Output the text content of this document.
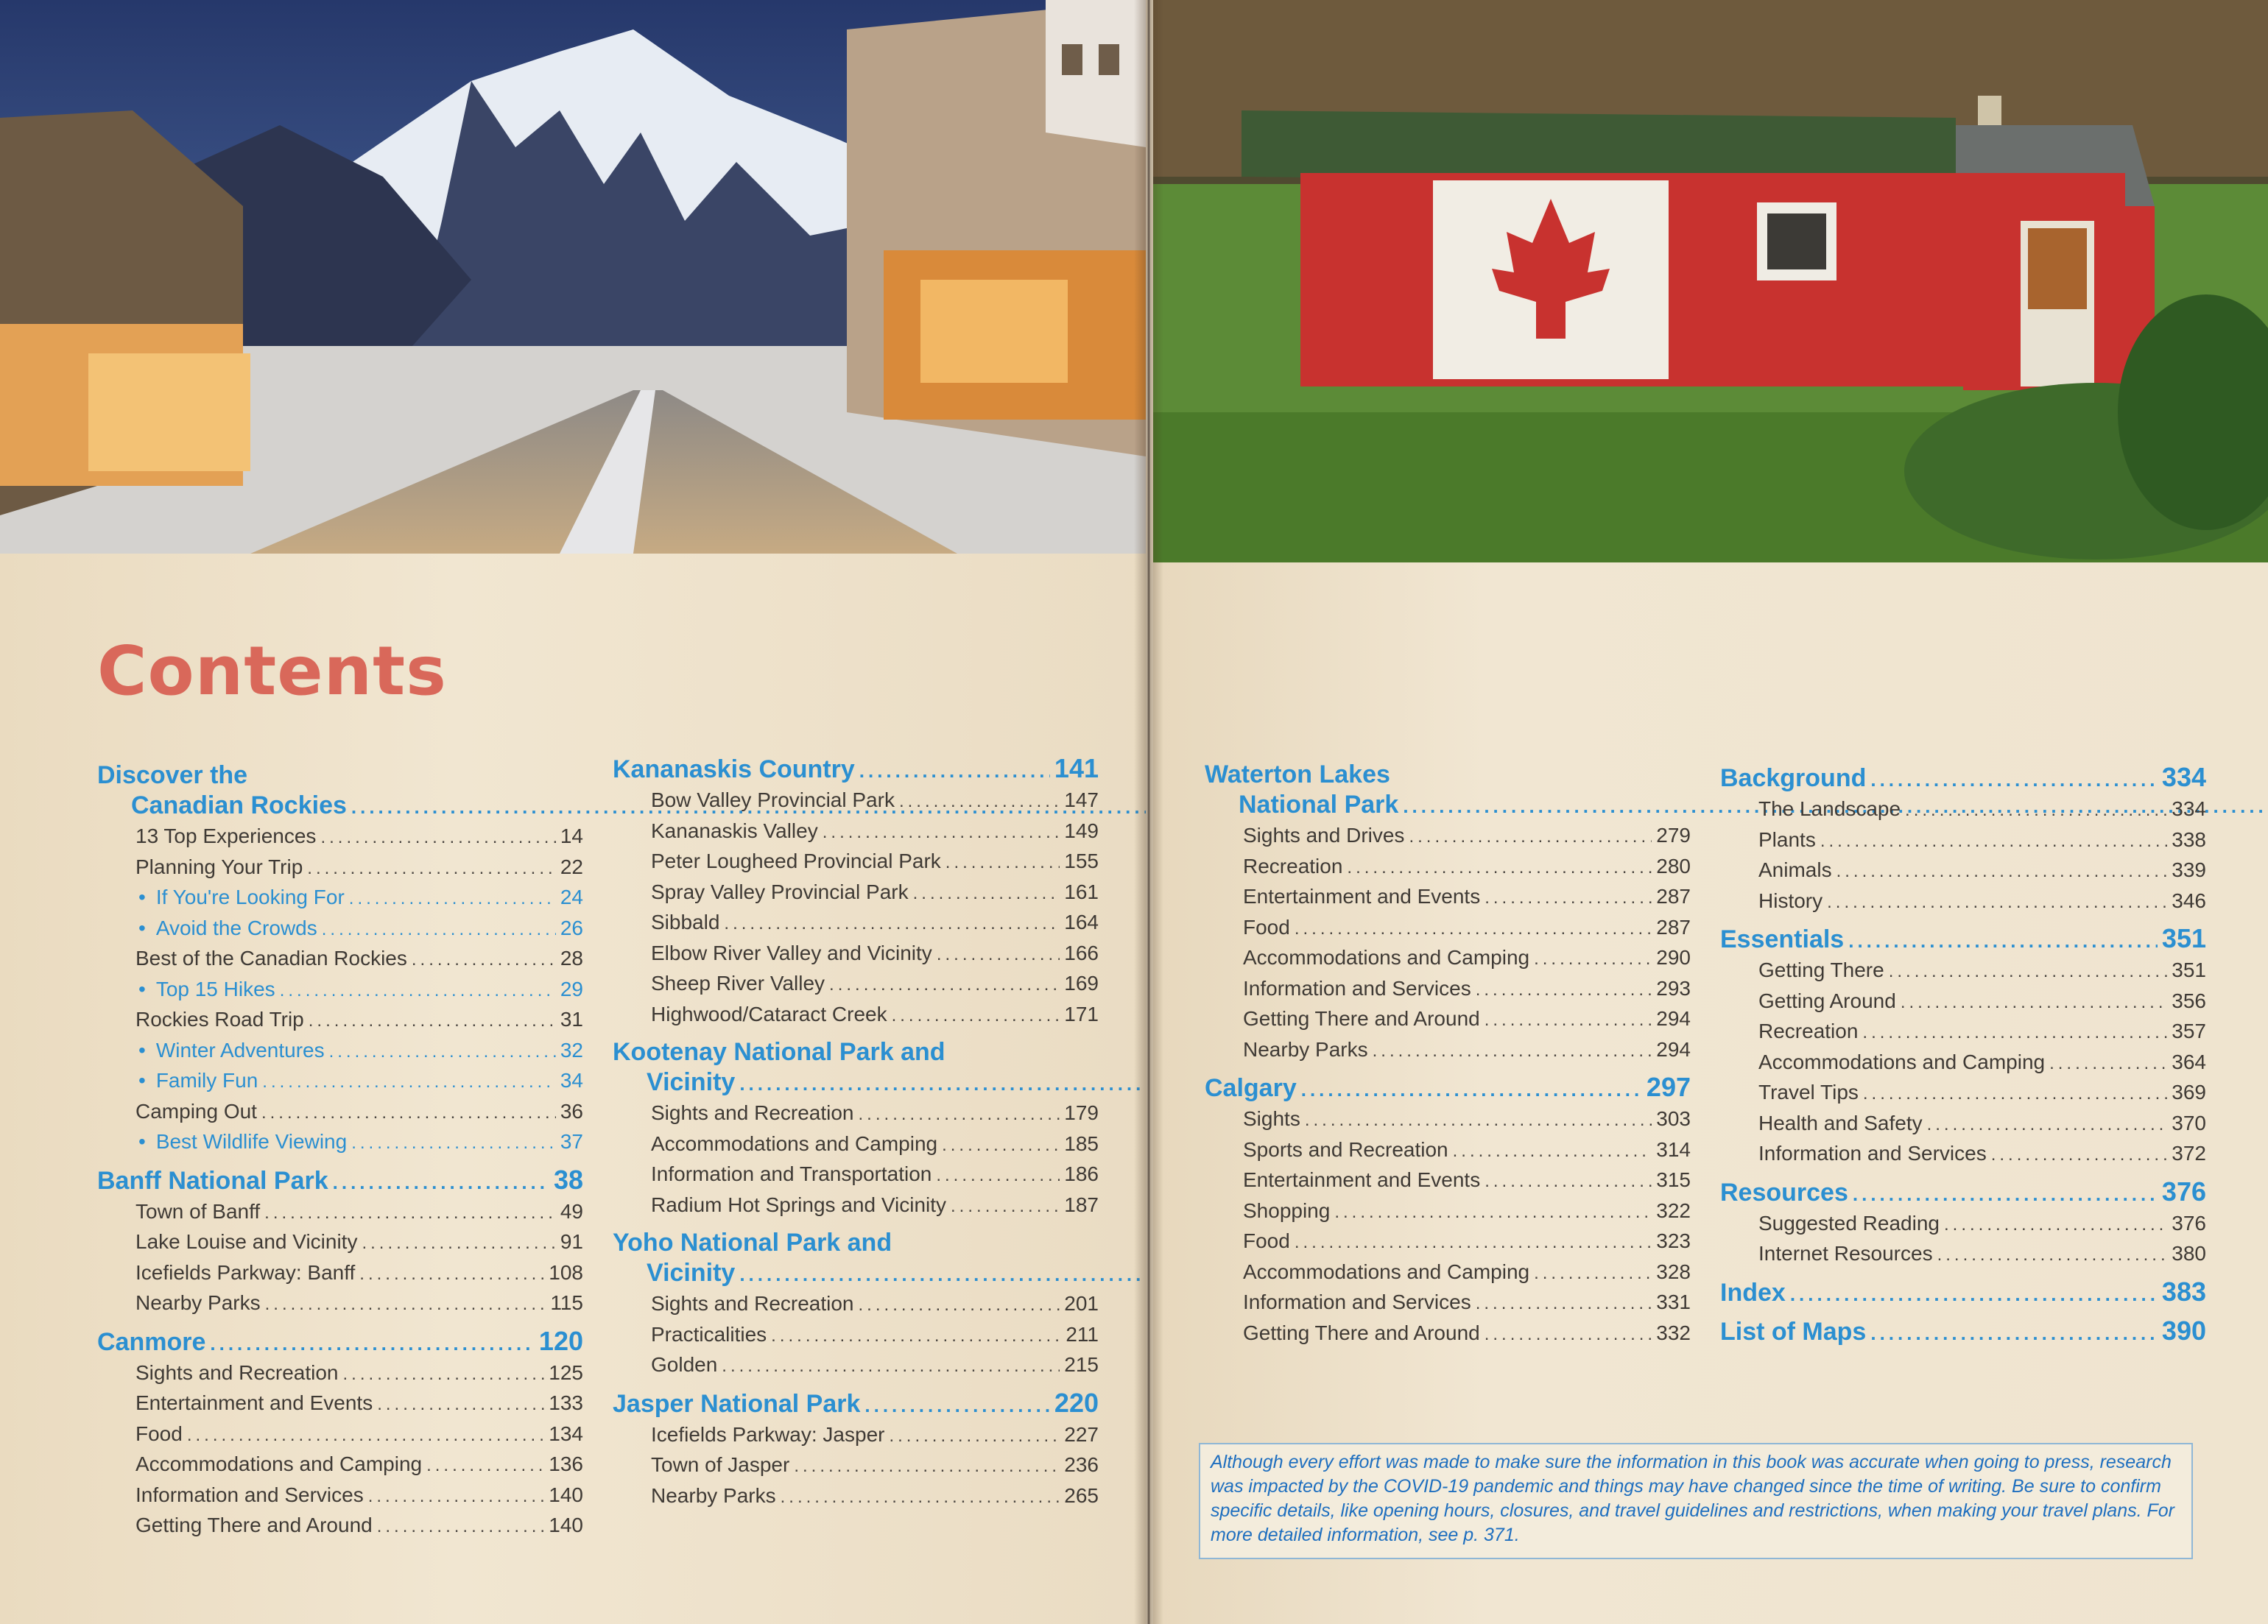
Contents
Discover the
Canadian Rockies.....
13 Top Experiences .....	14
Planning Your Trip .....	22
• If You're Looking For .....	24
• Avoid the Crowds .....	26
Best of the Canadian Rockies .....	28
• Top 15 Hikes .....	29
Rockies Road Trip .....	31
• Winter Adventures .....	32
• Family Fun .....	34
Camping Out .....	36
• Best Wildlife Viewing .....	37
Banff National Park .....	38
Town of Banff .....	49
Lake Louise and Vicinity .....	91
Icefields Parkway: Banff .....	108
Nearby Parks .....	115
Canmore .....	120
Sights and Recreation .....	125
Entertainment and Events .....	133
Food .....	134
Accommodations and Camping .....	136
Information and Services .....	140
Getting There and Around .....	140
Kananaskis Country .....	141
Bow Valley Provincial Park .....	147
Kananaskis Valley .....	149
Peter Lougheed Provincial Park .....	155
Spray Valley Provincial Park .....	161
Sibbald .....	164
Elbow River Valley and Vicinity .....	166
Sheep River Valley .....	169
Highwood/Cataract Creek .....	171
Kootenay National Park and
Vicinity.....
Sights and Recreation .....	179
Accommodations and Camping .....	185
Information and Transportation .....	186
Radium Hot Springs and Vicinity .....	187
Yoho National Park and
Vicinity.....
Sights and Recreation .....	201
Practicalities .....	211
Golden .....	215
Jasper National Park .....	220
Icefields Parkway: Jasper .....	227
Town of Jasper .....	236
Nearby Parks .....	265
Waterton Lakes
National Park.....
Sights and Drives .....	279
Recreation .....	280
Entertainment and Events .....	287
Food .....	287
Accommodations and Camping .....	290
Information and Services .....	293
Getting There and Around .....	294
Nearby Parks .....	294
Calgary .....	297
Sights .....	303
Sports and Recreation .....	314
Entertainment and Events .....	315
Shopping .....	322
Food .....	323
Accommodations and Camping .....	328
Information and Services .....	331
Getting There and Around .....	332
Background .....	334
The Landscape .....	334
Plants .....	338
Animals .....	339
History .....	346
Essentials .....	351
Getting There .....	351
Getting Around .....	356
Recreation .....	357
Accommodations and Camping .....	364
Travel Tips .....	369
Health and Safety .....	370
Information and Services .....	372
Resources .....	376
Suggested Reading .....	376
Internet Resources .....	380
Index .....	383
List of Maps .....	390
Although every effort was made to make sure the information in this book was accurate when going to press, research was impacted by the COVID-19 pandemic and things may have changed since the time of writing. Be sure to confirm specific details, like opening hours, closures, and travel guidelines and restrictions, when making your travel plans. For more detailed information, see p. 371.
